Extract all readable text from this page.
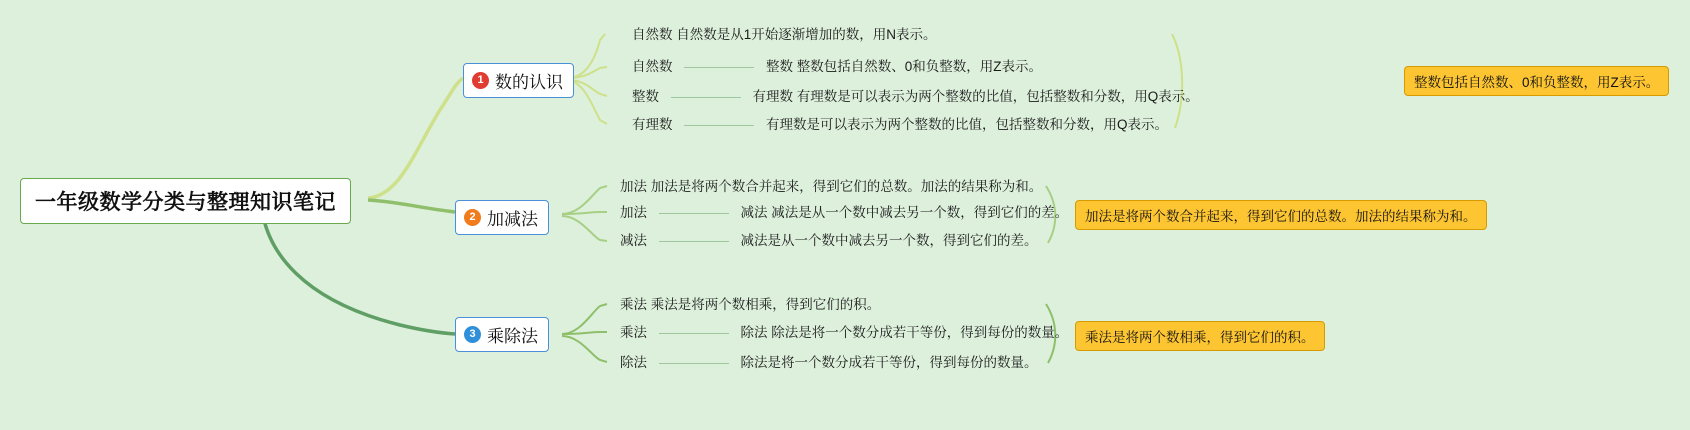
一年级数学分类与整理知识笔记
1 数的认识
自然数 自然数是从1开始逐渐增加的数，用N表示。
自然数	整数 整数包括自然数、0和负整数，用Z表示。
整数	有理数 有理数是可以表示为两个整数的比值，包括整数和分数，用Q表示。
有理数	有理数是可以表示为两个整数的比值，包括整数和分数，用Q表示。
整数包括自然数、0和负整数，用Z表示。
2 加减法
加法 加法是将两个数合并起来，得到它们的总数。加法的结果称为和。
加法	减法 减法是从一个数中减去另一个数，得到它们的差。
减法	减法是从一个数中减去另一个数，得到它们的差。
加法是将两个数合并起来，得到它们的总数。加法的结果称为和。
3 乘除法
乘法 乘法是将两个数相乘，得到它们的积。
乘法	除法 除法是将一个数分成若干等份，得到每份的数量。
除法	除法是将一个数分成若干等份，得到每份的数量。
乘法是将两个数相乘，得到它们的积。
